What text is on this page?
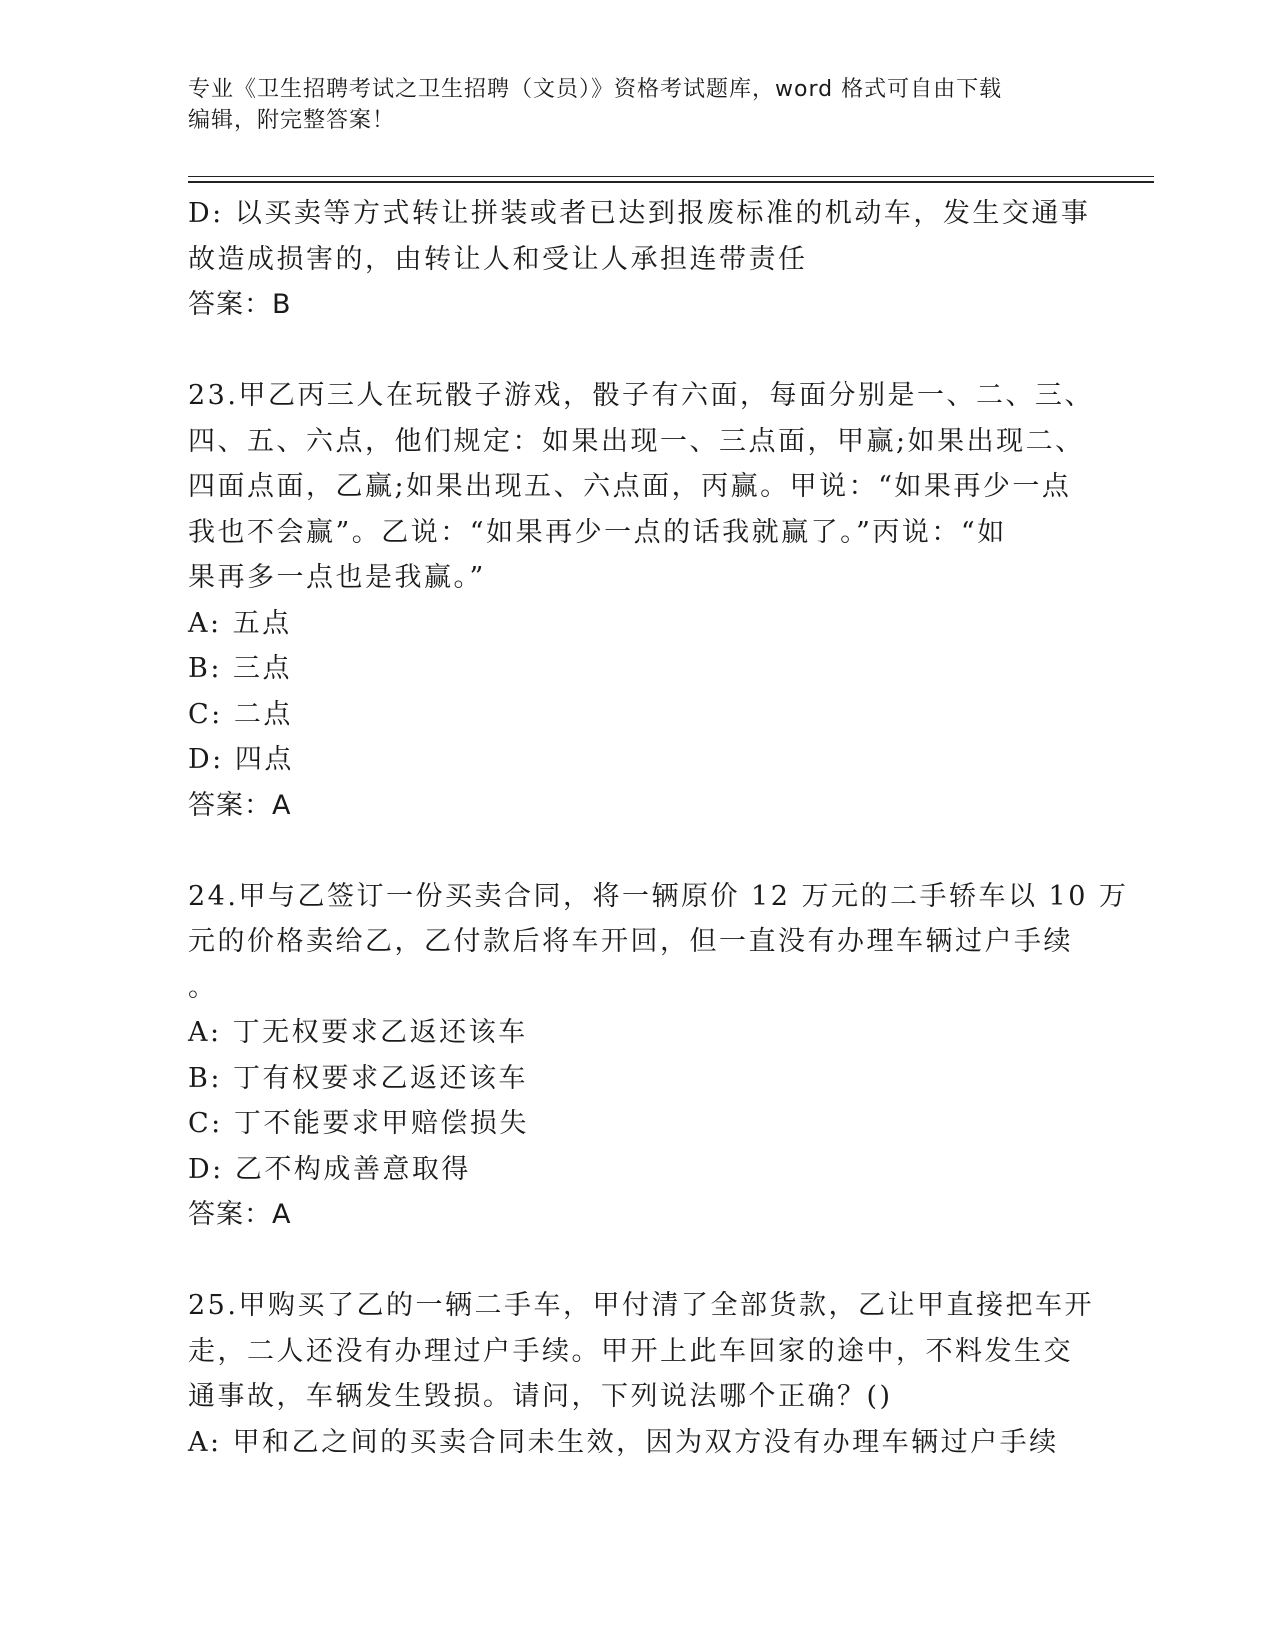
专业《卫生招聘考试之卫生招聘（文员）》资格考试题库，word 格式可自由下载
编辑，附完整答案！
D: 以买卖等方式转让拼装或者已达到报废标准的机动车，发生交通事
故造成损害的，由转让人和受让人承担连带责任
答案：B
23.甲乙丙三人在玩骰子游戏，骰子有六面，每面分别是一、二、三、
四、五、六点，他们规定：如果出现一、三点面，甲赢;如果出现二、
四面点面，乙赢;如果出现五、六点面，丙赢。甲说：“如果再少一点
我也不会赢”。乙说：“如果再少一点的话我就赢了。”丙说：“如
果再多一点也是我赢。”
A: 五点
B: 三点
C: 二点
D: 四点
答案：A
24.甲与乙签订一份买卖合同，将一辆原价 12 万元的二手轿车以 10 万
元的价格卖给乙，乙付款后将车开回，但一直没有办理车辆过户手续
。
A: 丁无权要求乙返还该车
B: 丁有权要求乙返还该车
C: 丁不能要求甲赔偿损失
D: 乙不构成善意取得
答案：A
25.甲购买了乙的一辆二手车，甲付清了全部货款，乙让甲直接把车开
走，二人还没有办理过户手续。甲开上此车回家的途中，不料发生交
通事故，车辆发生毁损。请问，下列说法哪个正确？()
A: 甲和乙之间的买卖合同未生效，因为双方没有办理车辆过户手续
